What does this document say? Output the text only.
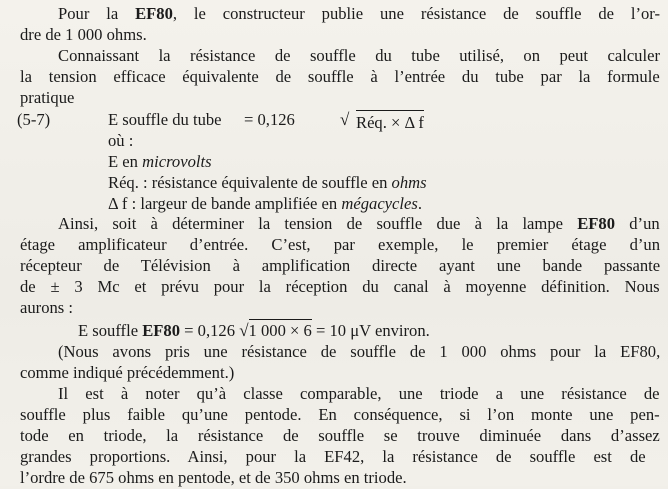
Pour la EF80, le constructeur publie une résistance de souffle de l’or-
dre de 1 000 ohms.
Connaissant la résistance de souffle du tube utilisé, on peut calculer
la tension efficace équivalente de souffle à l’entrée du tube par la formule
pratique
(5-7)	E souffle du tube = 0,126	√ Réq. × Δ f
où :
E en microvolts
Réq. : résistance équivalente de souffle en ohms
Δ f : largeur de bande amplifiée en mégacycles.
Ainsi, soit à déterminer la tension de souffle due à la lampe EF80 d’un
étage amplificateur d’entrée. C’est, par exemple, le premier étage d’un
récepteur de Télévision à amplification directe ayant une bande passante
de ± 3 Mc et prévu pour la réception du canal à moyenne définition. Nous
aurons :
E souffle EF80 = 0,126 √1 000 × 6 = 10 μV environ.
(Nous avons pris une résistance de souffle de 1 000 ohms pour la EF80,
comme indiqué précédemment.)
Il est à noter qu’à classe comparable, une triode a une résistance de
souffle plus faible qu’une pentode. En conséquence, si l’on monte une pen-
tode en triode, la résistance de souffle se trouve diminuée dans d’assez
grandes proportions. Ainsi, pour la EF42, la résistance de souffle est de
l’ordre de 675 ohms en pentode, et de 350 ohms en triode.
